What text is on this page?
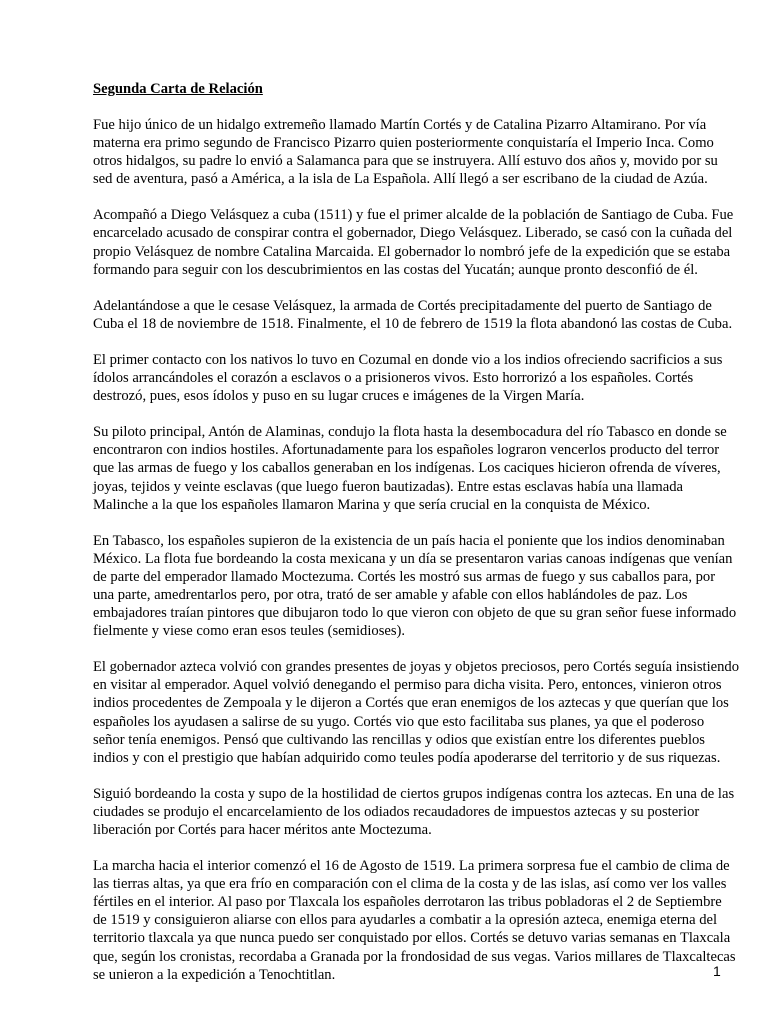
Segunda Carta de Relación
Fue hijo único de un hidalgo extremeño llamado Martín Cortés y de Catalina Pizarro Altamirano. Por vía
materna era primo segundo de Francisco Pizarro quien posteriormente conquistaría el Imperio Inca. Como
otros hidalgos, su padre lo envió a Salamanca para que se instruyera. Allí estuvo dos años y, movido por su
sed de aventura, pasó a América, a la isla de La Española. Allí llegó a ser escribano de la ciudad de Azúa.
Acompañó a Diego Velásquez a cuba (1511) y fue el primer alcalde de la población de Santiago de Cuba. Fue
encarcelado acusado de conspirar contra el gobernador, Diego Velásquez. Liberado, se casó con la cuñada del
propio Velásquez de nombre Catalina Marcaida. El gobernador lo nombró jefe de la expedición que se estaba
formando para seguir con los descubrimientos en las costas del Yucatán; aunque pronto desconfió de él.
Adelantándose a que le cesase Velásquez, la armada de Cortés precipitadamente del puerto de Santiago de
Cuba el 18 de noviembre de 1518. Finalmente, el 10 de febrero de 1519 la flota abandonó las costas de Cuba.
El primer contacto con los nativos lo tuvo en Cozumal en donde vio a los indios ofreciendo sacrificios a sus
ídolos arrancándoles el corazón a esclavos o a prisioneros vivos. Esto horrorizó a los españoles. Cortés
destrozó, pues, esos ídolos y puso en su lugar cruces e imágenes de la Virgen María.
Su piloto principal, Antón de Alaminas, condujo la flota hasta la desembocadura del río Tabasco en donde se
encontraron con indios hostiles. Afortunadamente para los españoles lograron vencerlos producto del terror
que las armas de fuego y los caballos generaban en los indígenas. Los caciques hicieron ofrenda de víveres,
joyas, tejidos y veinte esclavas (que luego fueron bautizadas). Entre estas esclavas había una llamada
Malinche a la que los españoles llamaron Marina y que sería crucial en la conquista de México.
En Tabasco, los españoles supieron de la existencia de un país hacia el poniente que los indios denominaban
México. La flota fue bordeando la costa mexicana y un día se presentaron varias canoas indígenas que venían
de parte del emperador llamado Moctezuma. Cortés les mostró sus armas de fuego y sus caballos para, por
una parte, amedrentarlos pero, por otra, trató de ser amable y afable con ellos hablándoles de paz. Los
embajadores traían pintores que dibujaron todo lo que vieron con objeto de que su gran señor fuese informado
fielmente y viese como eran esos teules (semidioses).
El gobernador azteca volvió con grandes presentes de joyas y objetos preciosos, pero Cortés seguía insistiendo
en visitar al emperador. Aquel volvió denegando el permiso para dicha visita. Pero, entonces, vinieron otros
indios procedentes de Zempoala y le dijeron a Cortés que eran enemigos de los aztecas y que querían que los
españoles los ayudasen a salirse de su yugo. Cortés vio que esto facilitaba sus planes, ya que el poderoso
señor tenía enemigos. Pensó que cultivando las rencillas y odios que existían entre los diferentes pueblos
indios y con el prestigio que habían adquirido como teules podía apoderarse del territorio y de sus riquezas.
Siguió bordeando la costa y supo de la hostilidad de ciertos grupos indígenas contra los aztecas. En una de las
ciudades se produjo el encarcelamiento de los odiados recaudadores de impuestos aztecas y su posterior
liberación por Cortés para hacer méritos ante Moctezuma.
La marcha hacia el interior comenzó el 16 de Agosto de 1519. La primera sorpresa fue el cambio de clima de
las tierras altas, ya que era frío en comparación con el clima de la costa y de las islas, así como ver los valles
fértiles en el interior. Al paso por Tlaxcala los españoles derrotaron las tribus pobladoras el 2 de Septiembre
de 1519 y consiguieron aliarse con ellos para ayudarles a combatir a la opresión azteca, enemiga eterna del
territorio tlaxcala ya que nunca puedo ser conquistado por ellos. Cortés se detuvo varias semanas en Tlaxcala
que, según los cronistas, recordaba a Granada por la frondosidad de sus vegas. Varios millares de Tlaxcaltecas
se unieron a la expedición a Tenochtitlan.	1
